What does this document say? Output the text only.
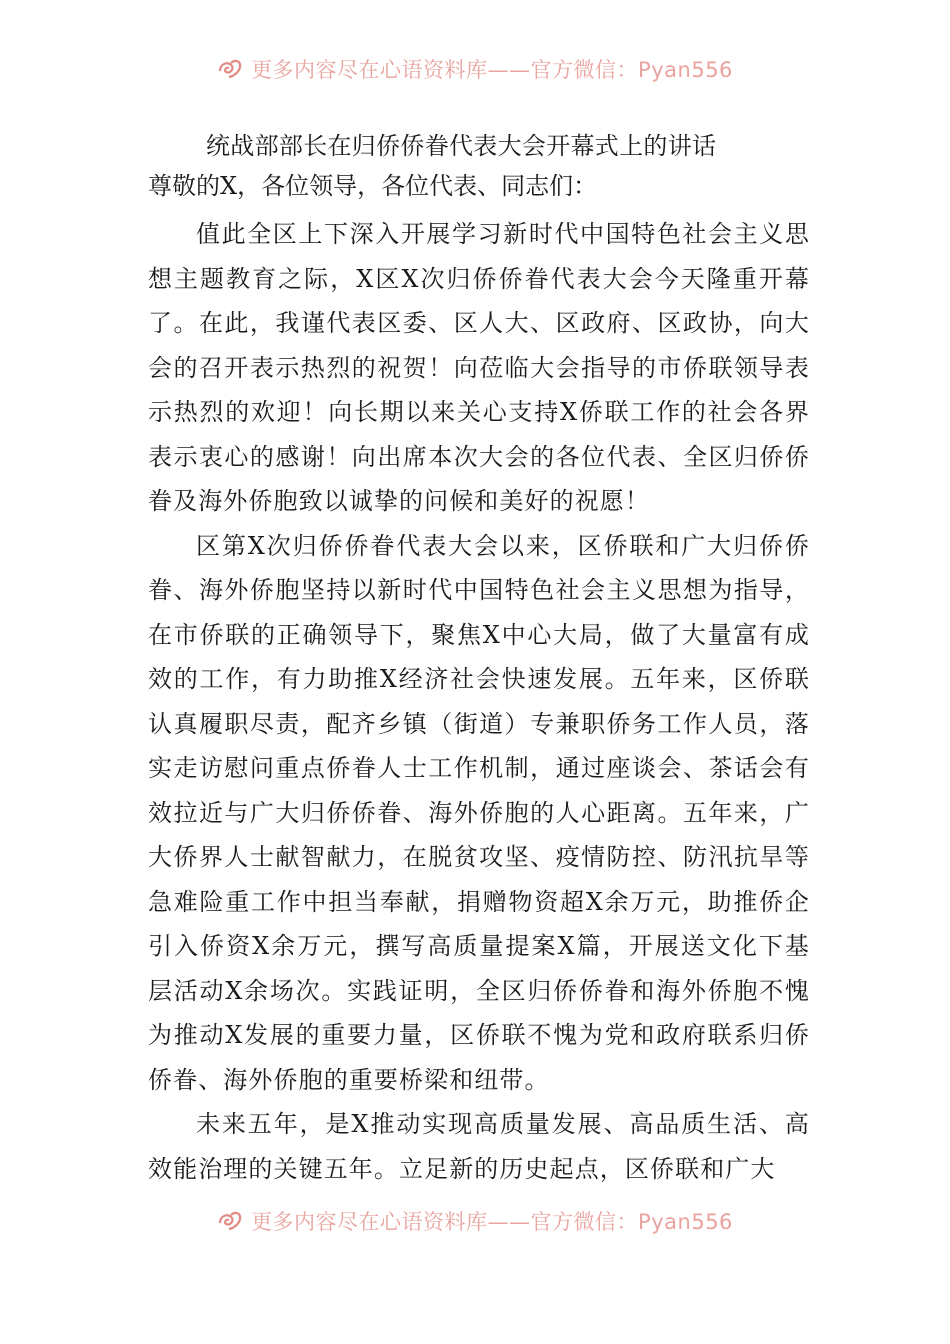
更多内容尽在心语资料库——官方微信：Pyan556
统战部部长在归侨侨眷代表大会开幕式上的讲话

尊敬的X，各位领导，各位代表、同志们：

值此全区上下深入开展学习新时代中国特色社会主义思想主题教育之际，X区X次归侨侨眷代表大会今天隆重开幕了。在此，我谨代表区委、区人大、区政府、区政协，向大会的召开表示热烈的祝贺！向莅临大会指导的市侨联领导表示热烈的欢迎！向长期以来关心支持X侨联工作的社会各界表示衷心的感谢！向出席本次大会的各位代表、全区归侨侨眷及海外侨胞致以诚挚的问候和美好的祝愿！

区第X次归侨侨眷代表大会以来，区侨联和广大归侨侨眷、海外侨胞坚持以新时代中国特色社会主义思想为指导，在市侨联的正确领导下，聚焦X中心大局，做了大量富有成效的工作，有力助推X经济社会快速发展。五年来，区侨联认真履职尽责，配齐乡镇（街道）专兼职侨务工作人员，落实走访慰问重点侨眷人士工作机制，通过座谈会、茶话会有效拉近与广大归侨侨眷、海外侨胞的人心距离。五年来，广大侨界人士献智献力，在脱贫攻坚、疫情防控、防汛抗旱等急难险重工作中担当奉献，捐赠物资超X余万元，助推侨企引入侨资X余万元，撰写高质量提案X篇，开展送文化下基层活动X余场次。实践证明，全区归侨侨眷和海外侨胞不愧为推动X发展的重要力量，区侨联不愧为党和政府联系归侨侨眷、海外侨胞的重要桥梁和纽带。

未来五年，是X推动实现高质量发展、高品质生活、高效能治理的关键五年。立足新的历史起点，区侨联和广大

更多内容尽在心语资料库——官方微信：Pyan556
